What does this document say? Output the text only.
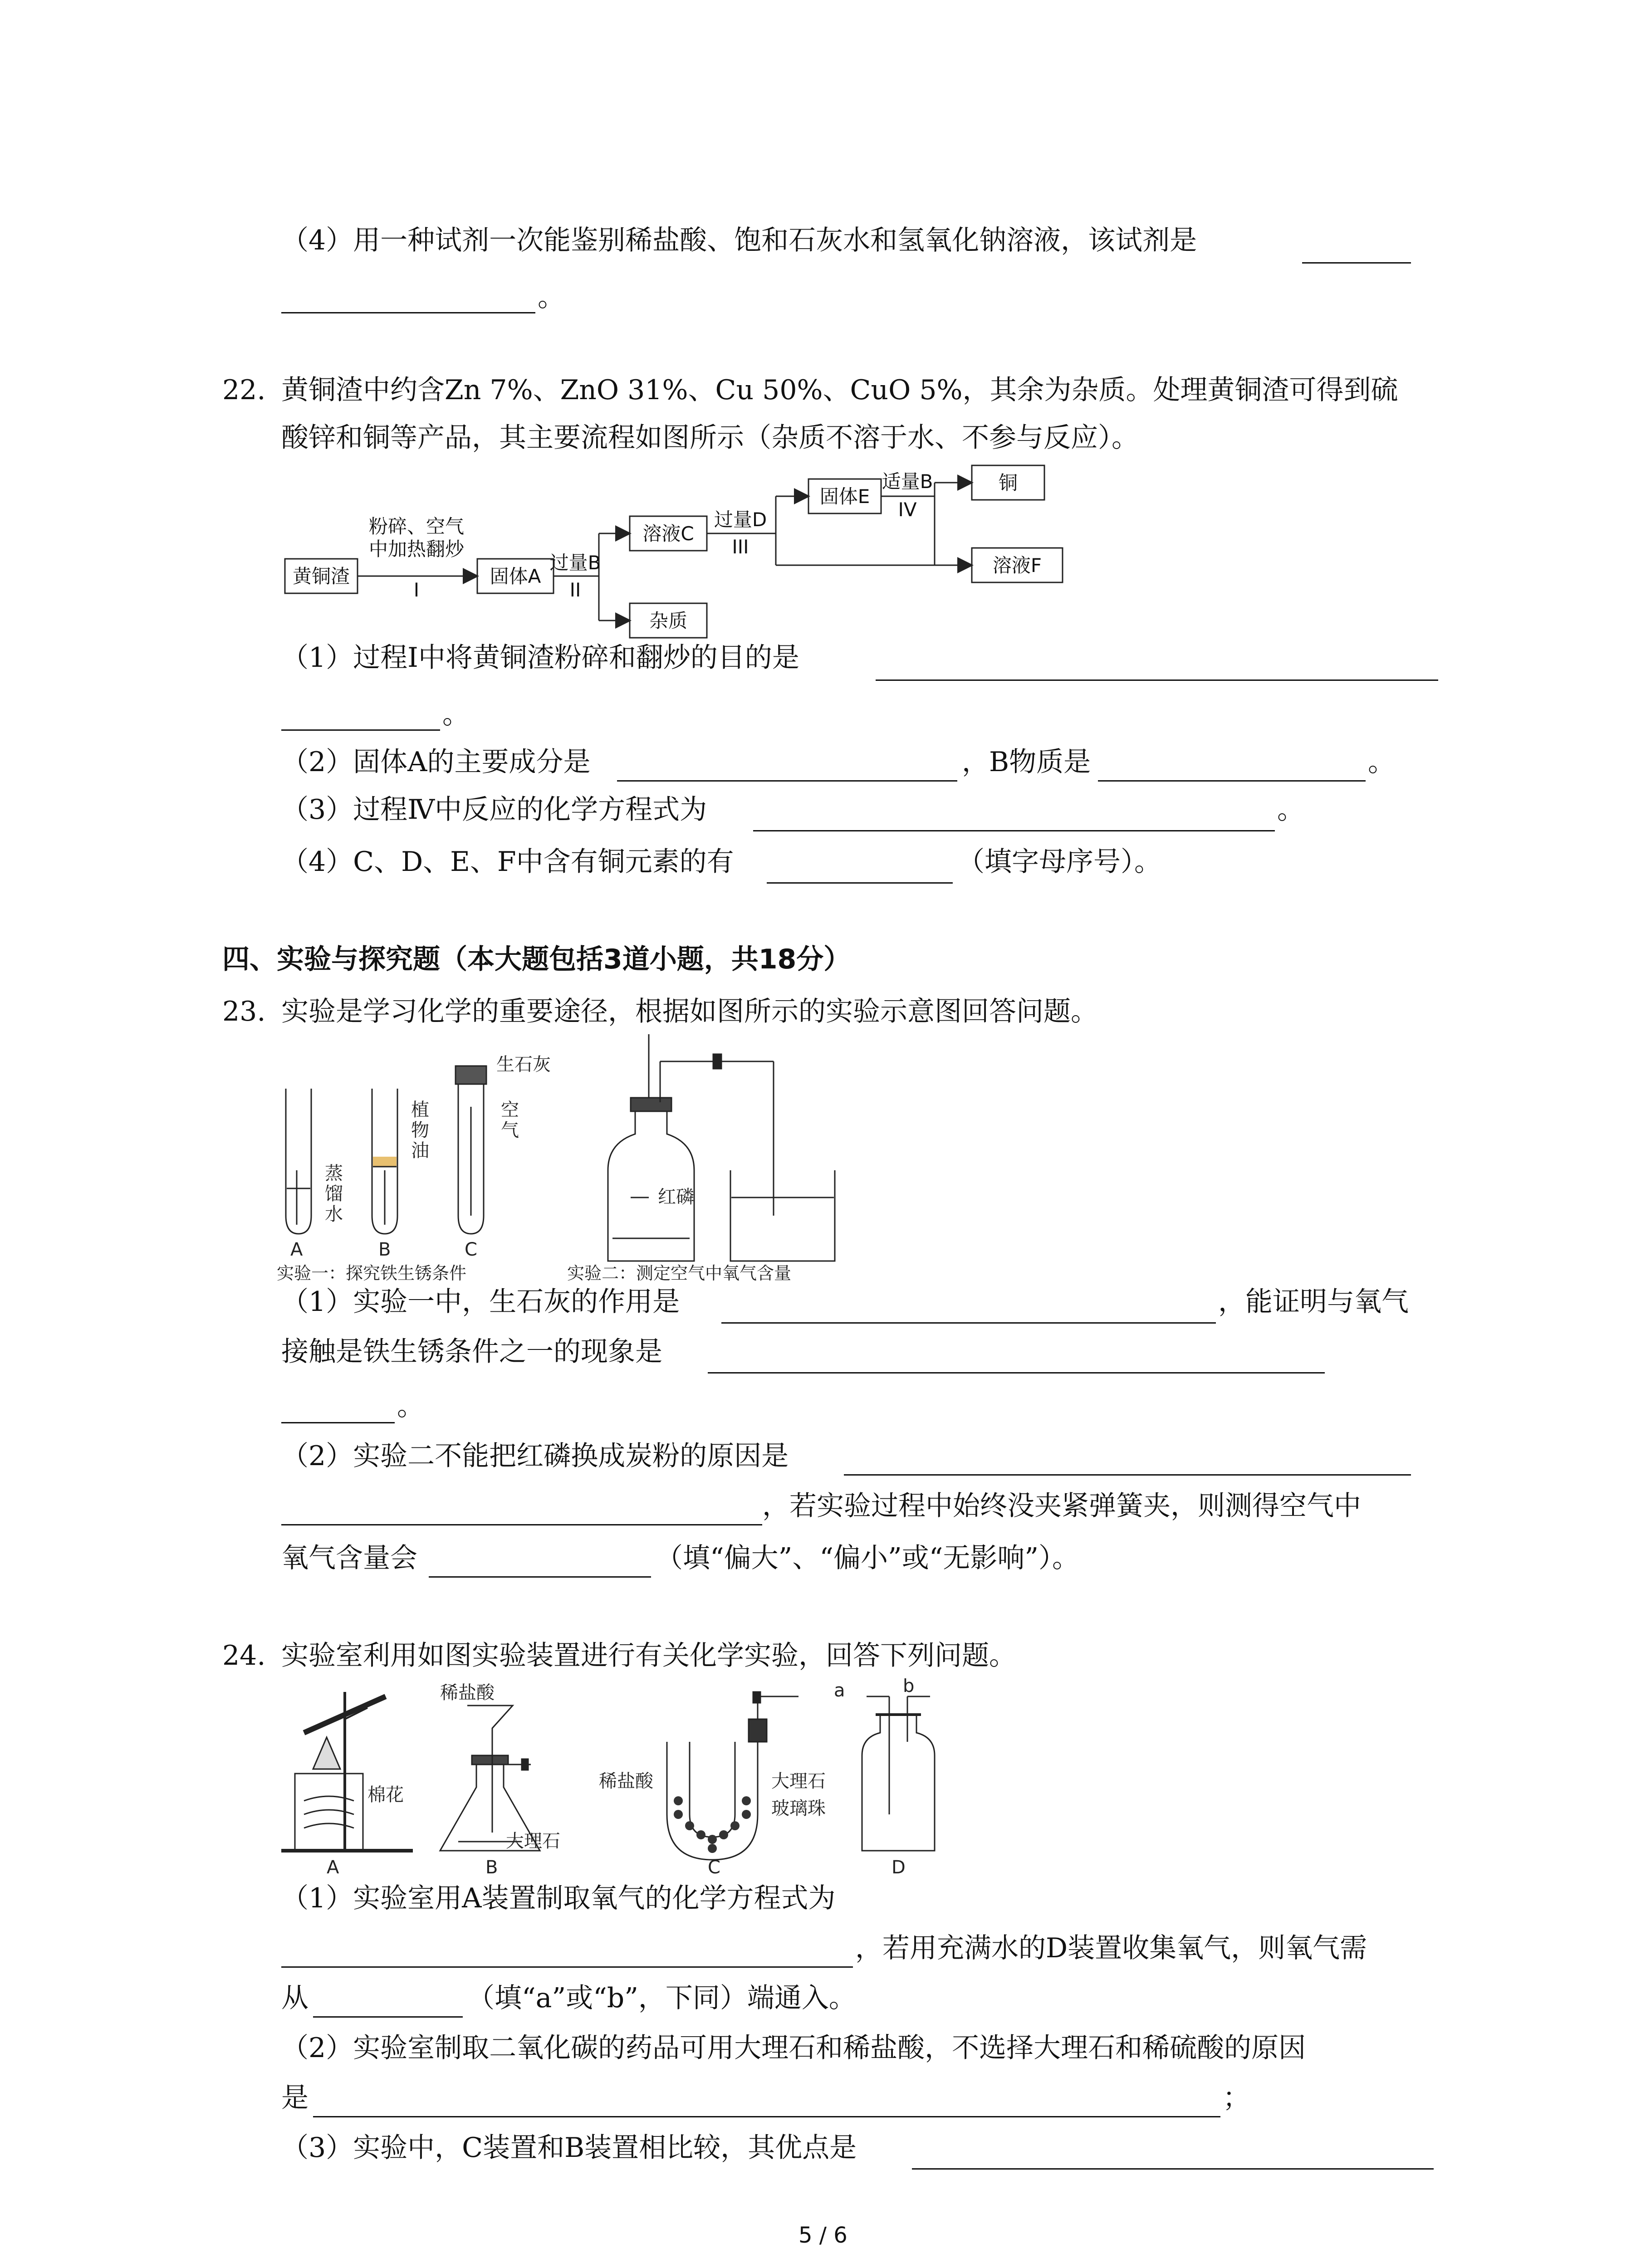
（4）用一种试剂一次能鉴别稀盐酸、饱和石灰水和氢氧化钠溶液，该试剂是
。
22. 黄铜渣中约含Zn 7%、ZnO 31%、Cu 50%、CuO 5%，其余为杂质。处理黄铜渣可得到硫
酸锌和铜等产品，其主要流程如图所示（杂质不溶于水、不参与反应）。
黄铜渣
粉碎、空气
中加热翻炒
I
固体A
过量B
II
溶液C
杂质
过量D
III
固体E
适量B
IV
铜
溶液F
（1）过程Ⅰ中将黄铜渣粉碎和翻炒的目的是
。
（2）固体A的主要成分是	，B物质是	。
（3）过程Ⅳ中反应的化学方程式为	。
（4）C、D、E、F中含有铜元素的有	（填字母序号）。
四、实验与探究题（本大题包括3道小题，共18分）
23. 实验是学习化学的重要途径，根据如图所示的实验示意图回答问题。
蒸
馏
水
植
物
油
生石灰
空
气
A	B	C
红磷
实验一：探究铁生锈条件	实验二：测定空气中氧气含量
（1）实验一中，生石灰的作用是	，能证明与氧气
接触是铁生锈条件之一的现象是
。
（2）实验二不能把红磷换成炭粉的原因是
，若实验过程中始终没夹紧弹簧夹，则测得空气中
氧气含量会	（填“偏大”、“偏小”或“无影响”）。
24. 实验室利用如图实验装置进行有关化学实验，回答下列问题。
棉花
稀盐酸
大理石
稀盐酸	大理石
玻璃珠
a	b
A	B	C	D
（1）实验室用A装置制取氧气的化学方程式为
，若用充满水的D装置收集氧气，则氧气需
从	（填“a”或“b”，下同）端通入。
（2）实验室制取二氧化碳的药品可用大理石和稀盐酸，不选择大理石和稀硫酸的原因
是	；
（3）实验中，C装置和B装置相比较，其优点是
5 / 6
